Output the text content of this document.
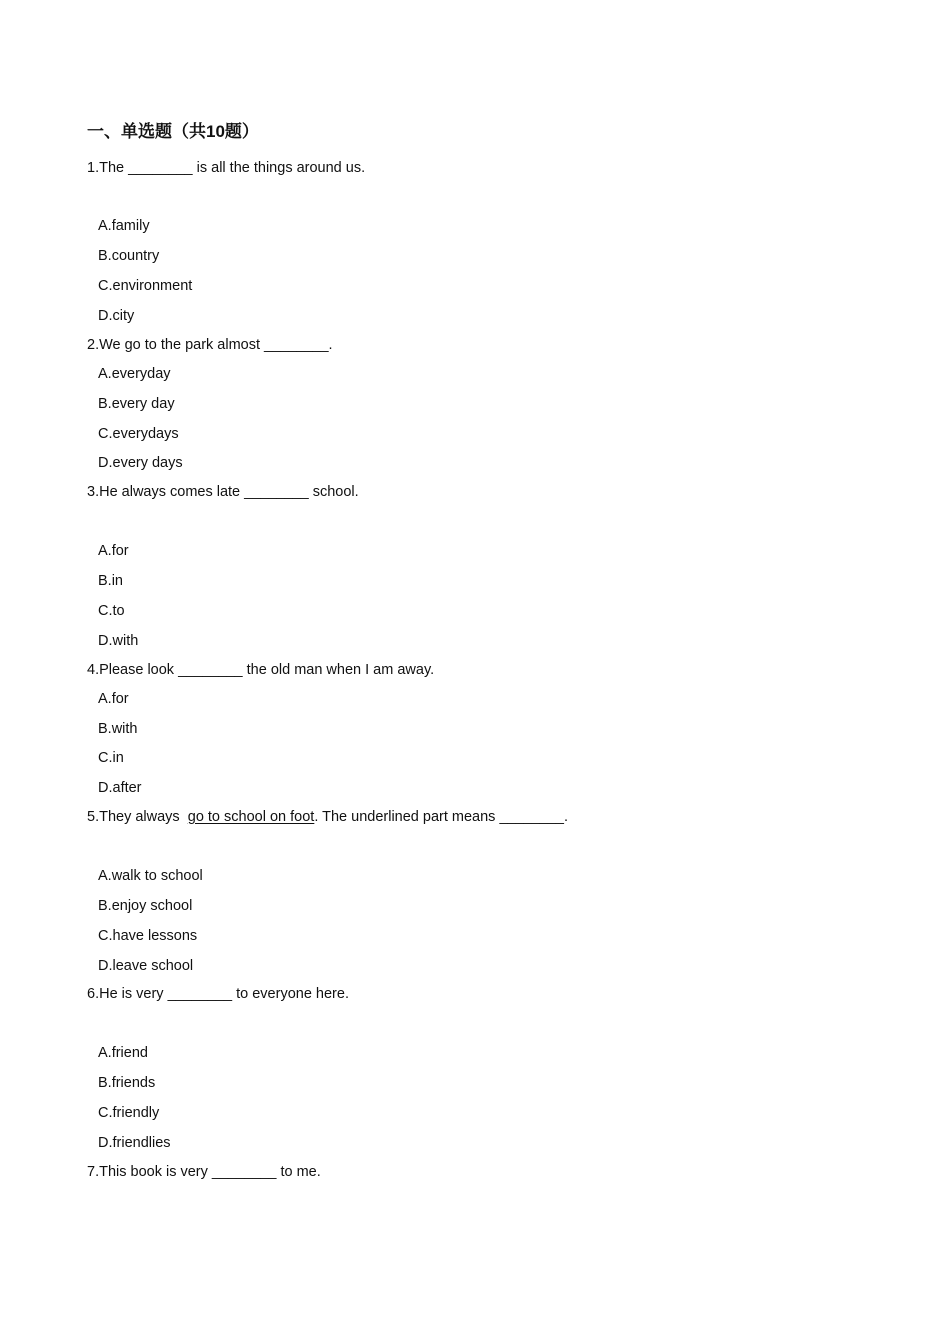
一、单选题（共10题）
1.The ________ is all the things around us.
A.family
B.country
C.environment
D.city
2.We go to the park almost ________.
A.everyday
B.every day
C.everydays
D.every days
3.He always comes late ________ school.
A.for
B.in
C.to
D.with
4.Please look ________ the old man when I am away.
A.for
B.with
C.in
D.after
5.They always  go to school on foot. The underlined part means ________.
A.walk to school
B.enjoy school
C.have lessons
D.leave school
6.He is very ________ to everyone here.
A.friend
B.friends
C.friendly
D.friendlies
7.This book is very ________ to me.
